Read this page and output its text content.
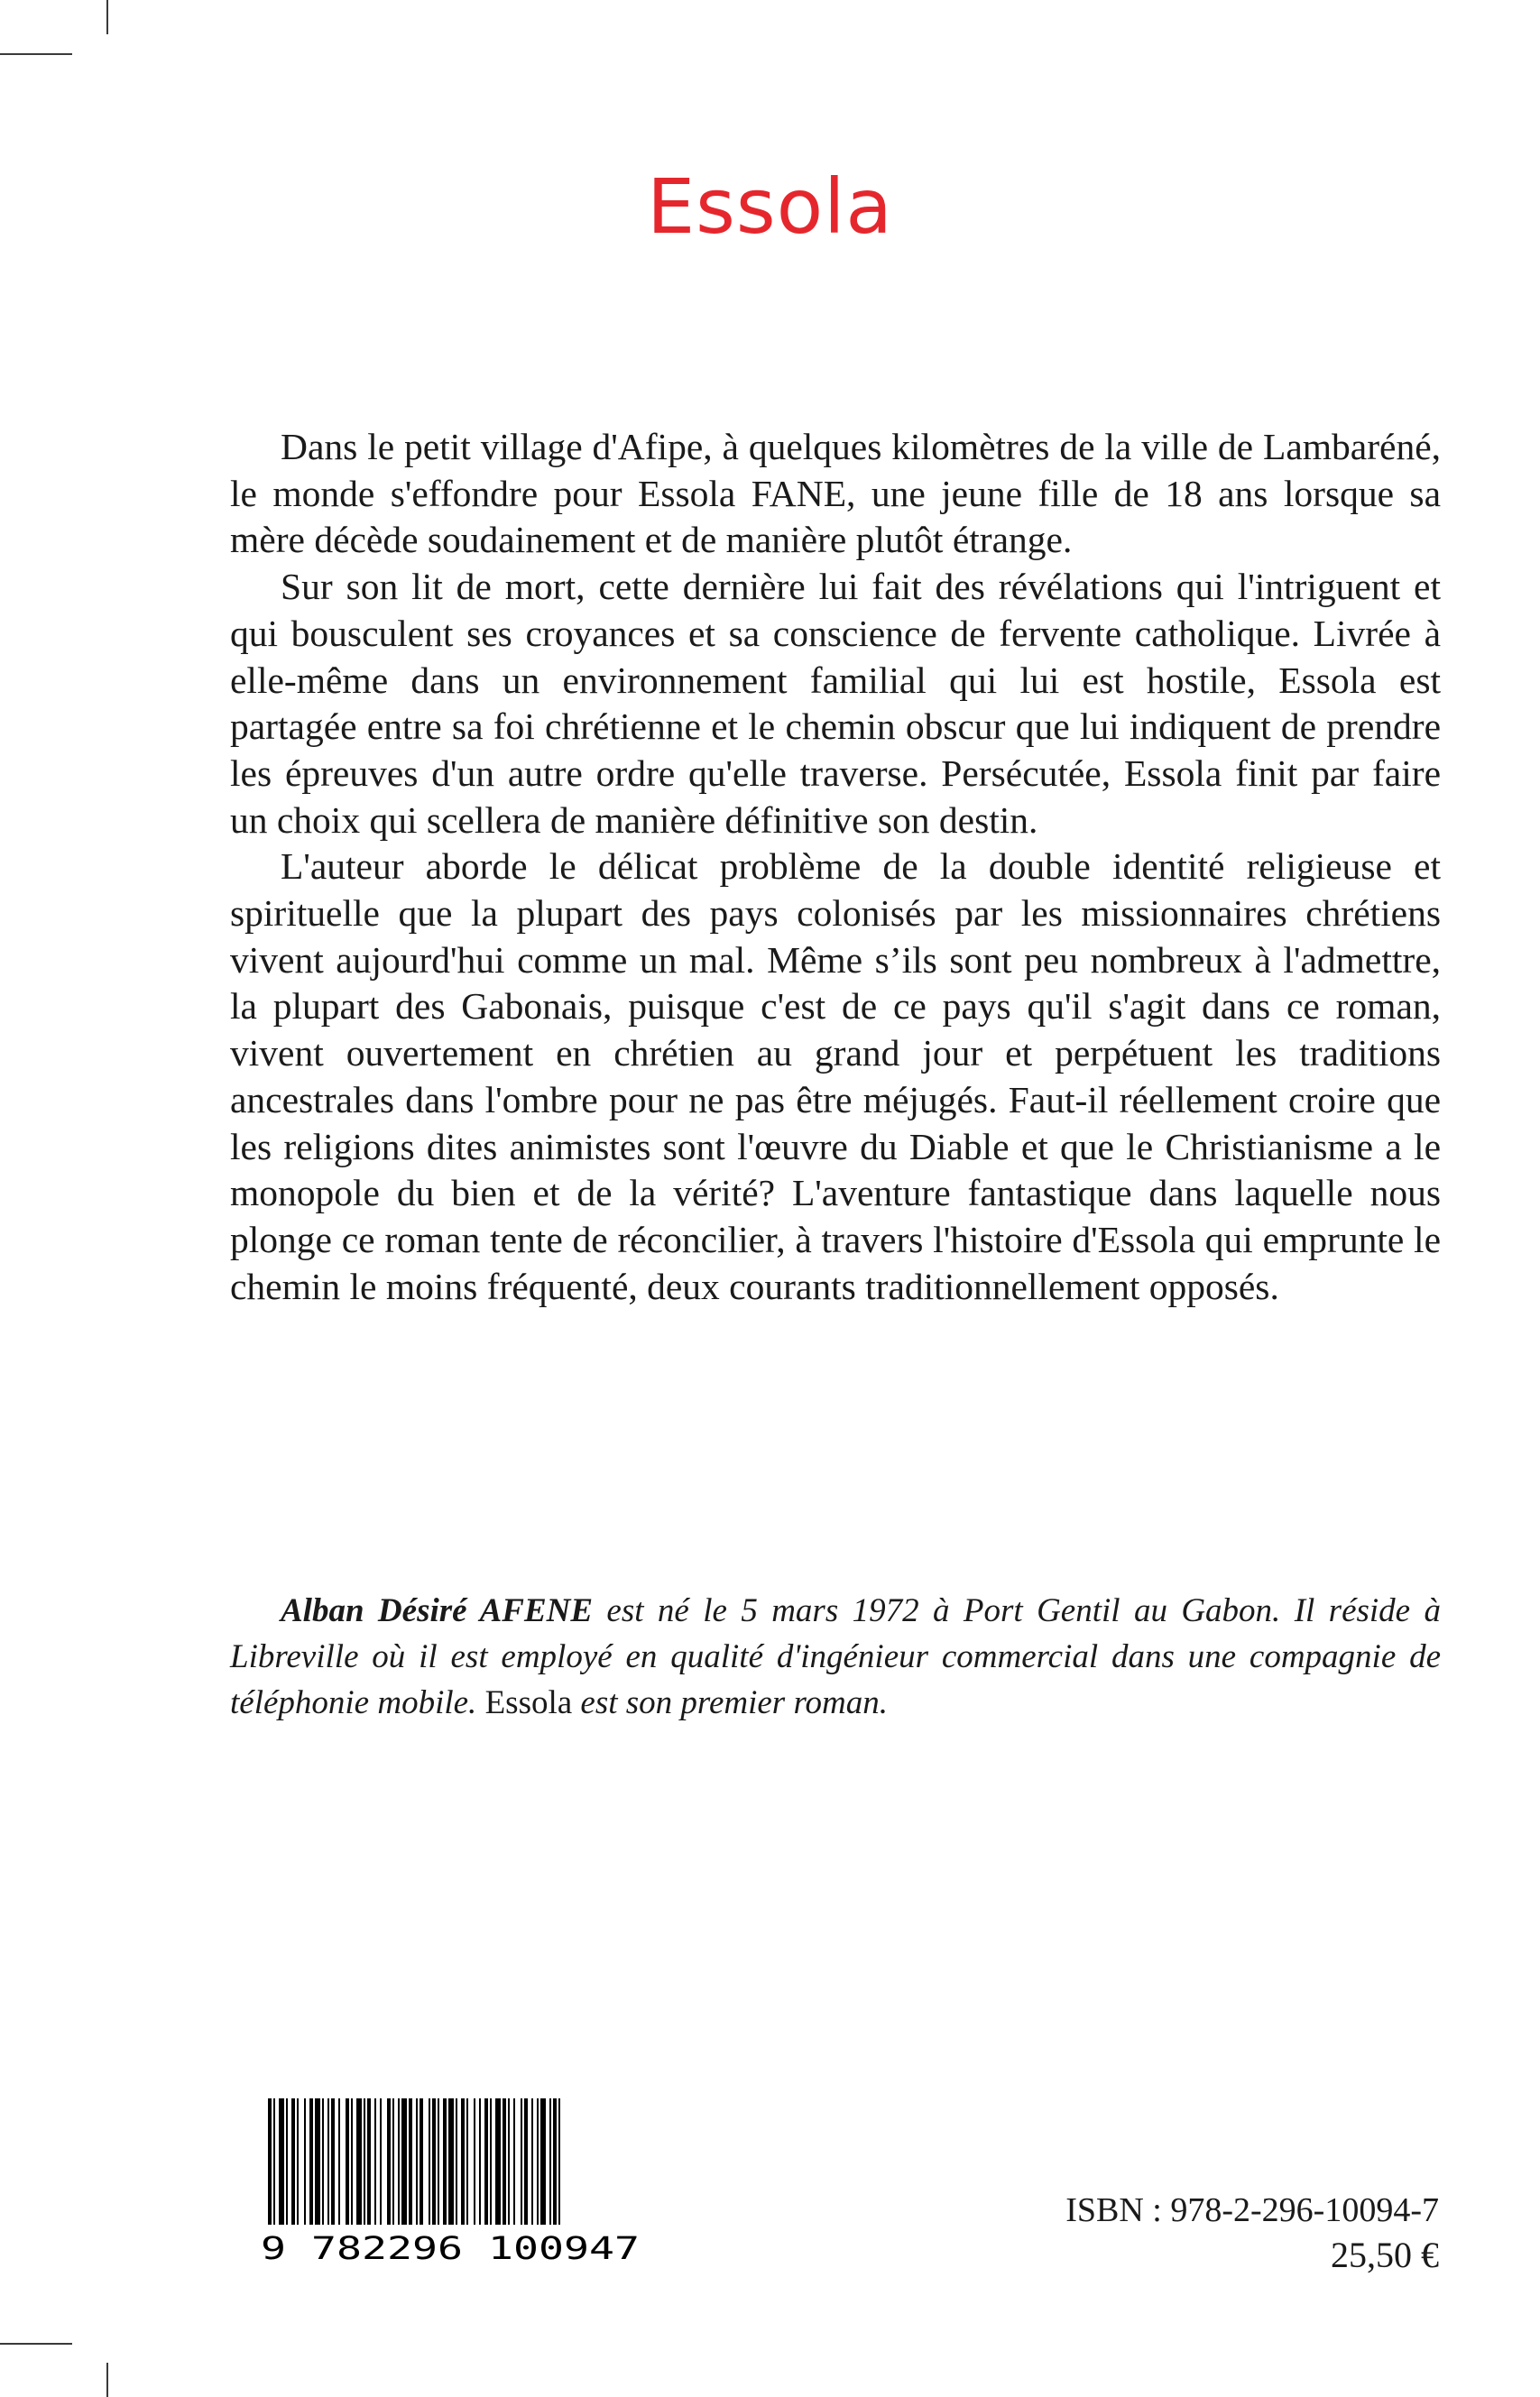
Essola

Dans le petit village d'Afipe, à quelques kilomètres de la ville de Lambaréné, le monde s'effondre pour Essola FANE, une jeune fille de 18 ans lorsque sa mère décède soudainement et de manière plutôt étrange.

Sur son lit de mort, cette dernière lui fait des révélations qui l'intriguent et qui bousculent ses croyances et sa conscience de fervente catholique. Livrée à elle-même dans un environnement familial qui lui est hostile, Essola est partagée entre sa foi chrétienne et le chemin obscur que lui indiquent de prendre les épreuves d'un autre ordre qu'elle traverse. Persécutée, Essola finit par faire un choix qui scellera de manière définitive son destin.

L'auteur aborde le délicat problème de la double identité religieuse et spirituelle que la plupart des pays colonisés par les missionnaires chrétiens vivent aujourd'hui comme un mal. Même s’ils sont peu nombreux à l'admettre, la plupart des Gabonais, puisque c'est de ce pays qu'il s'agit dans ce roman, vivent ouvertement en chrétien au grand jour et perpétuent les traditions ancestrales dans l'ombre pour ne pas être méjugés. Faut-il réellement croire que les religions dites animistes sont l'œuvre du Diable et que le Christianisme a le monopole du bien et de la vérité? L'aventure fantastique dans laquelle nous plonge ce roman tente de réconcilier, à travers l'histoire d'Essola qui emprunte le chemin le moins fréquenté, deux courants traditionnellement opposés.

Alban Désiré AFENE est né le 5 mars 1972 à Port Gentil au Gabon. Il réside à Libreville où il est employé en qualité d'ingénieur commercial dans une compagnie de téléphonie mobile. Essola est son premier roman.

9 782296 100947
ISBN : 978-2-296-10094-7
25,50 €
